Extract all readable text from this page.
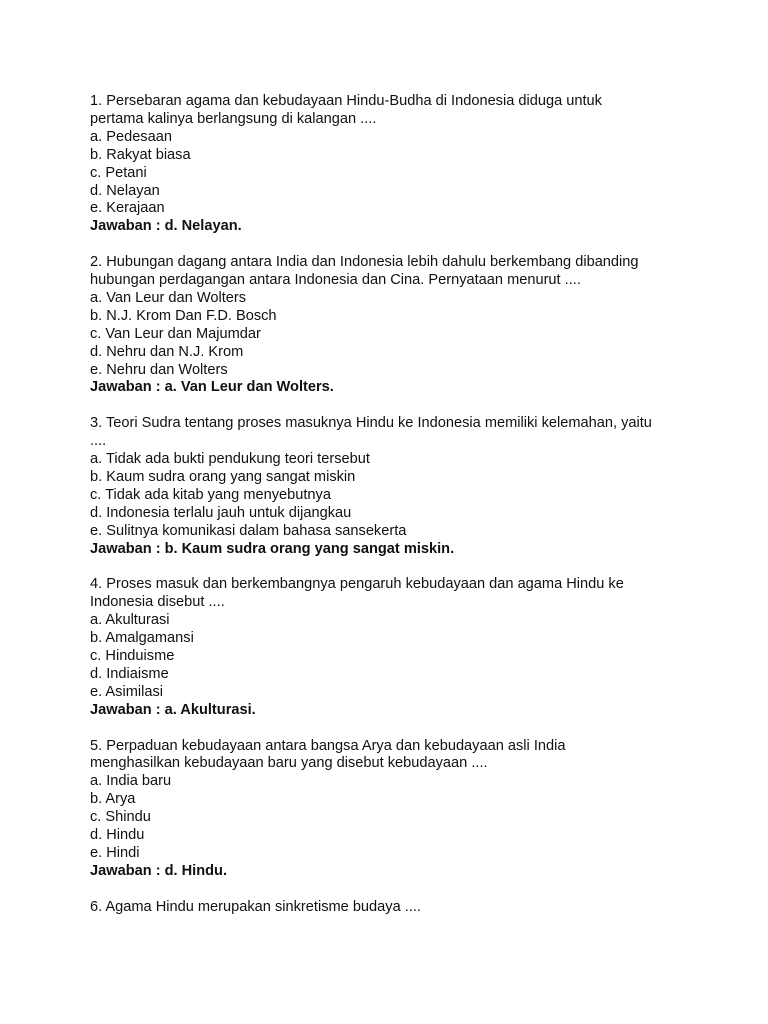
1. Persebaran agama dan kebudayaan Hindu-Budha di Indonesia diduga untuk
pertama kalinya berlangsung di kalangan ....
a. Pedesaan
b. Rakyat biasa
c. Petani
d. Nelayan
e. Kerajaan
Jawaban : d. Nelayan.
2. Hubungan dagang antara India dan Indonesia lebih dahulu berkembang dibanding
hubungan perdagangan antara Indonesia dan Cina. Pernyataan menurut ....
a. Van Leur dan Wolters
b. N.J. Krom Dan F.D. Bosch
c. Van Leur dan Majumdar
d. Nehru dan N.J. Krom
e. Nehru dan Wolters
Jawaban : a. Van Leur dan Wolters.
3. Teori Sudra tentang proses masuknya Hindu ke Indonesia memiliki kelemahan, yaitu
....
a. Tidak ada bukti pendukung teori tersebut
b. Kaum sudra orang yang sangat miskin
c. Tidak ada kitab yang menyebutnya
d. Indonesia terlalu jauh untuk dijangkau
e. Sulitnya komunikasi dalam bahasa sansekerta
Jawaban : b. Kaum sudra orang yang sangat miskin.
4. Proses masuk dan berkembangnya pengaruh kebudayaan dan agama Hindu ke
Indonesia disebut ....
a. Akulturasi
b. Amalgamansi
c. Hinduisme
d. Indiaisme
e. Asimilasi
Jawaban : a. Akulturasi.
5. Perpaduan kebudayaan antara bangsa Arya dan kebudayaan asli India
menghasilkan kebudayaan baru yang disebut kebudayaan ....
a. India baru
b. Arya
c. Shindu
d. Hindu
e. Hindi
Jawaban : d. Hindu.
6. Agama Hindu merupakan sinkretisme budaya ....
